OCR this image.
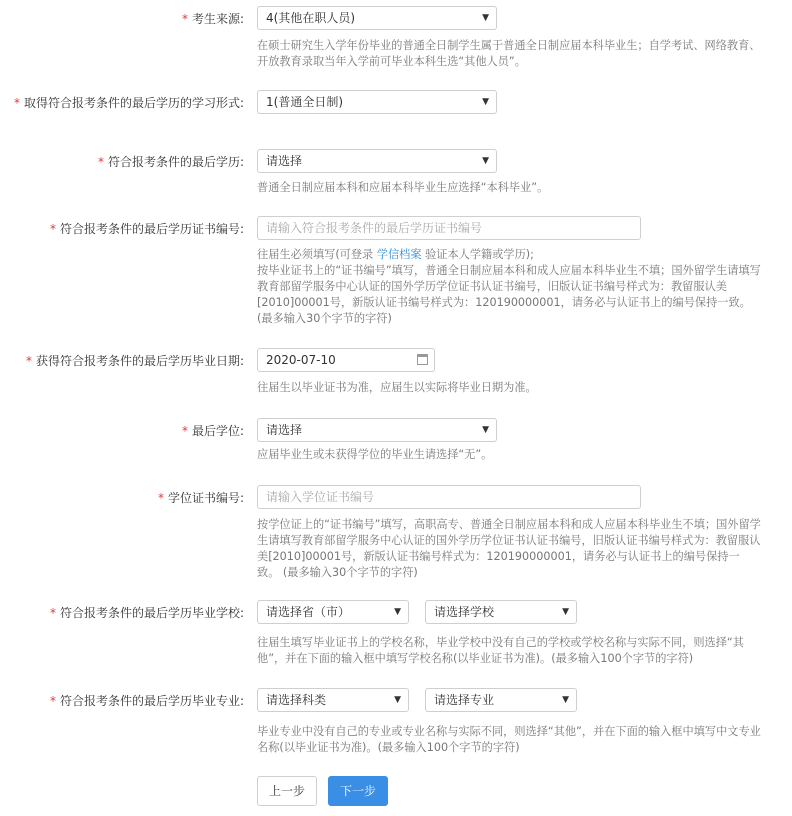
* 考生来源:	4(其他在职人员)	▼
在硕士研究生入学年份毕业的普通全日制学生属于普通全日制应届本科毕业生；自学考试、网络教育、开放教育录取当年入学前可毕业本科生选“其他人员”。
* 取得符合报考条件的最后学历的学习形式:	1(普通全日制)	▼
* 符合报考条件的最后学历:	请选择	▼
普通全日制应届本科和应届本科毕业生应选择“本科毕业”。
* 符合报考条件的最后学历证书编号:	请输入符合报考条件的最后学历证书编号
往届生必须填写(可登录 学信档案 验证本人学籍或学历);
按毕业证书上的“证书编号”填写，普通全日制应届本科和成人应届本科毕业生不填；国外留学生请填写教育部留学服务中心认证的国外学历学位证书认证书编号，旧版认证书编号样式为：教留服认美[2010]00001号，新版认证书编号样式为：120190000001，请务必与认证书上的编号保持一致。(最多输入30个字节的字符)
* 获得符合报考条件的最后学历毕业日期:	2020-07-10
往届生以毕业证书为准，应届生以实际将毕业日期为准。
* 最后学位:	请选择	▼
应届毕业生或未获得学位的毕业生请选择“无”。
* 学位证书编号:	请输入学位证书编号
按学位证上的“证书编号”填写，高职高专、普通全日制应届本科和成人应届本科毕业生不填；国外留学生请填写教育部留学服务中心认证的国外学历学位证书认证书编号，旧版认证书编号样式为：教留服认美[2010]00001号，新版认证书编号样式为：120190000001，请务必与认证书上的编号保持一致。 (最多输入30个字节的字符)
* 符合报考条件的最后学历毕业学校:	请选择省（市）	▼	请选择学校	▼
往届生填写毕业证书上的学校名称，毕业学校中没有自己的学校或学校名称与实际不同，则选择“其他”，并在下面的输入框中填写学校名称(以毕业证书为准)。(最多输入100个字节的字符)
* 符合报考条件的最后学历毕业专业:	请选择科类	▼	请选择专业	▼
毕业专业中没有自己的专业或专业名称与实际不同，则选择“其他”，并在下面的输入框中填写中文专业名称(以毕业证书为准)。(最多输入100个字节的字符)
上一步	下一步
